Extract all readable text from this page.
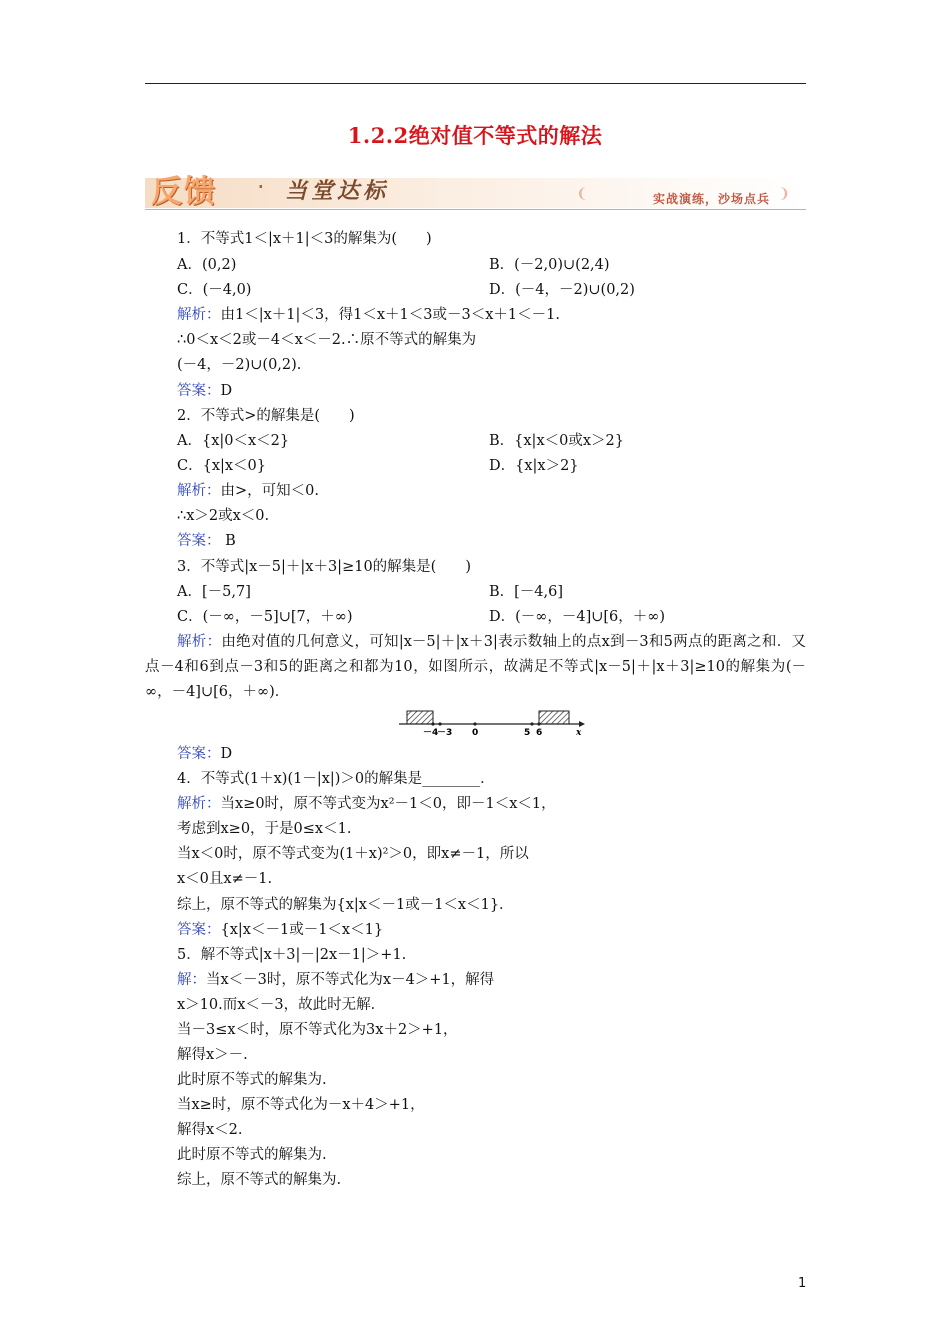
1.2.2绝对值不等式的解法
反馈 · 当堂达标	❨	实战演练，沙场点兵 ❩
1．不等式1＜|x＋1|＜3的解集为(　　)
A．(0,2)	B．(－2,0)∪(2,4)
C．(－4,0)	D．(－4，－2)∪(0,2)
解析：由1＜|x＋1|＜3，得1＜x＋1＜3或－3＜x＋1＜－1.
∴0＜x＜2或－4＜x＜－2.∴原不等式的解集为
(－4，－2)∪(0,2).
答案：D
2．不等式>的解集是(　　)
A．{x|0＜x＜2}	B．{x|x＜0或x＞2}
C．{x|x＜0}	D．{x|x＞2}
解析：由>，可知＜0.
∴x＞2或x＜0.
答案： B
3．不等式|x－5|＋|x＋3|≥10的解集是(　　)
A．[－5,7]	B．[－4,6]
C．(－∞，－5]∪[7，＋∞)	D．(－∞，－4]∪[6，＋∞)
解析：由绝对值的几何意义，可知|x－5|＋|x＋3|表示数轴上的点x到－3和5两点的距离之和．又点－4和6到点－3和5的距离之和都为10，如图所示，故满足不等式|x－5|＋|x＋3|≥10的解集为(－∞，－4]∪[6，＋∞)．
－4
－3 0	5 6	x
答案：D
4．不等式(1＋x)(1－|x|)＞0的解集是________．
解析：当x≥0时，原不等式变为x²－1＜0，即－1＜x＜1，
考虑到x≥0，于是0≤x＜1.
当x＜0时，原不等式变为(1＋x)²＞0，即x≠－1，所以
x＜0且x≠－1.
综上，原不等式的解集为{x|x＜－1或－1＜x＜1}．
答案：{x|x＜－1或－1＜x＜1}
5．解不等式|x＋3|－|2x－1|＞+1.
解：当x＜－3时，原不等式化为x－4＞+1，解得
x＞10.而x＜－3，故此时无解．
当－3≤x＜时，原不等式化为3x＋2＞+1，
解得x＞－.
此时原不等式的解集为.
当x≥时，原不等式化为－x＋4＞+1，
解得x＜2.
此时原不等式的解集为.
综上，原不等式的解集为.
1
